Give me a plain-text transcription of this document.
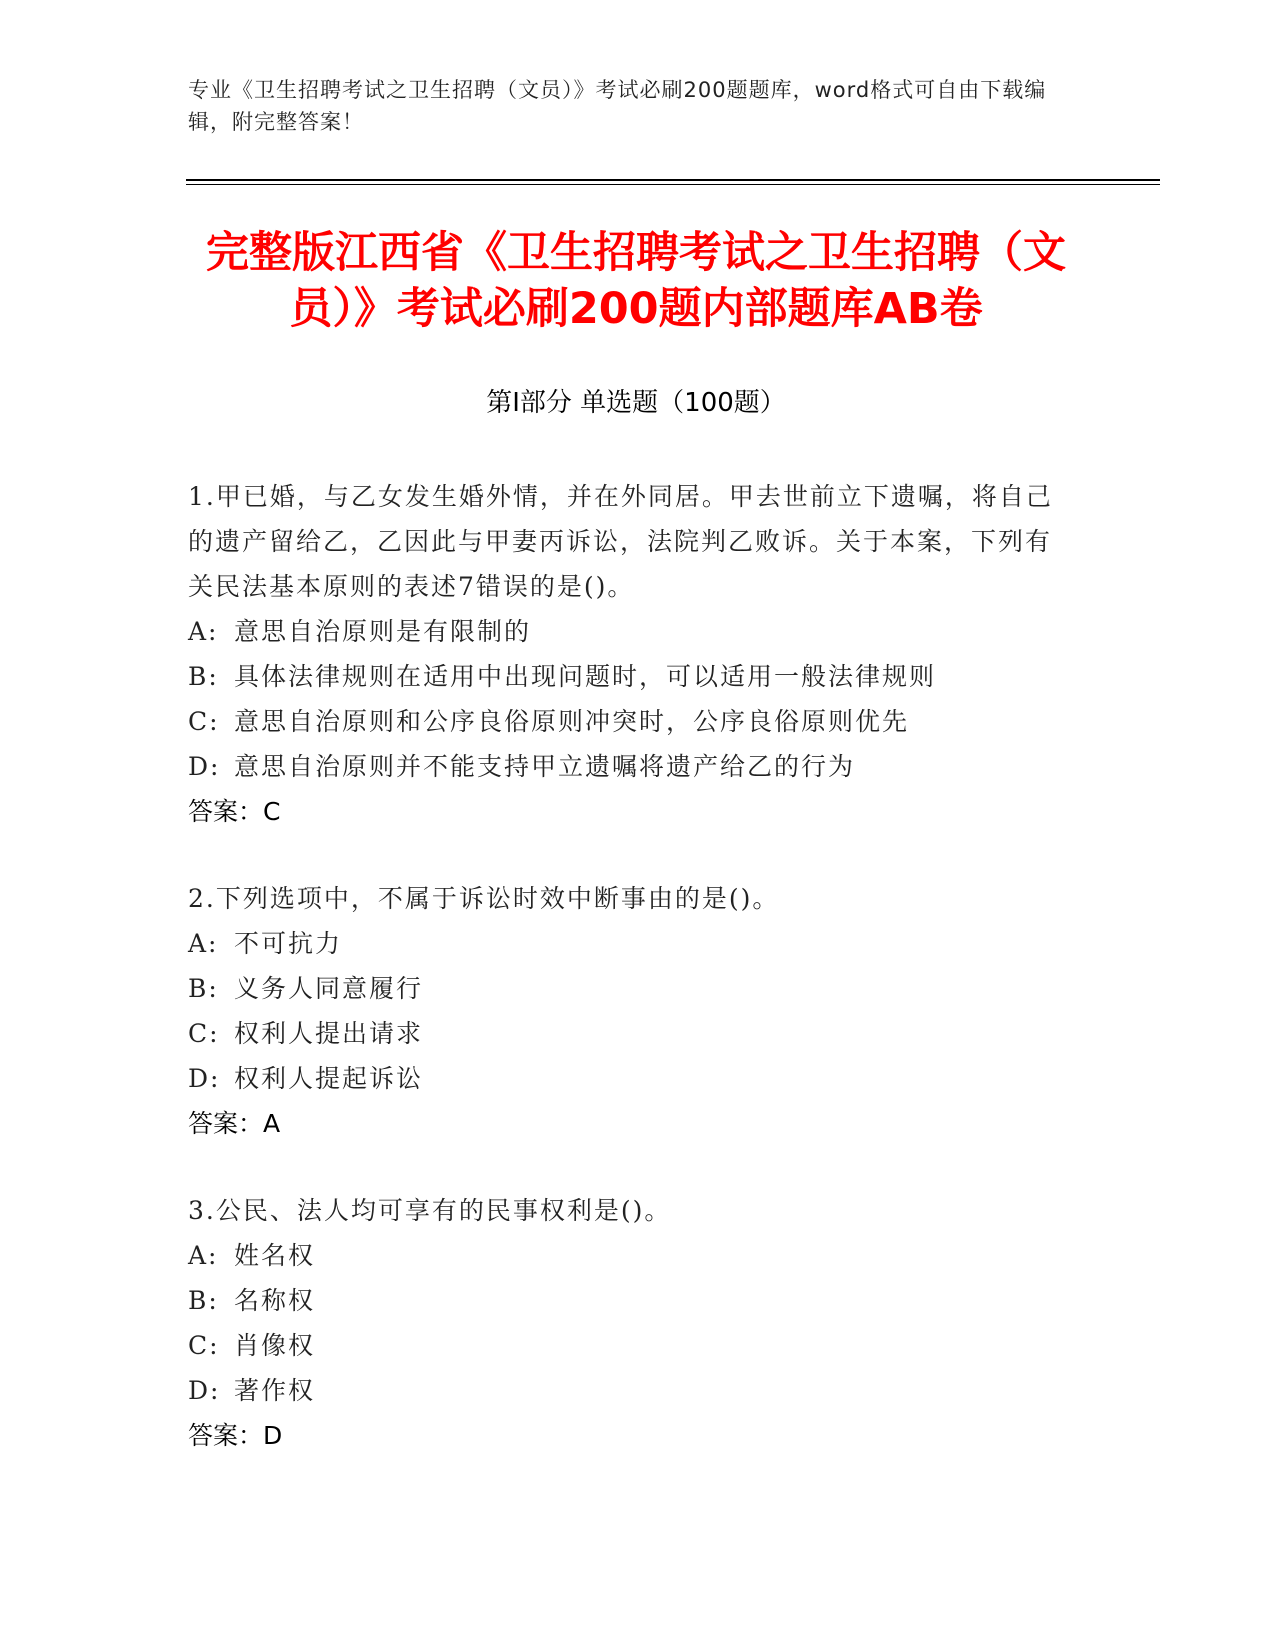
专业《卫生招聘考试之卫生招聘（文员）》考试必刷200题题库，word格式可自由下载编辑，附完整答案！
完整版江西省《卫生招聘考试之卫生招聘（文员）》考试必刷200题内部题库AB卷
第I部分 单选题（100题）
1.甲已婚，与乙女发生婚外情，并在外同居。甲去世前立下遗嘱，将自己的遗产留给乙，乙因此与甲妻丙诉讼，法院判乙败诉。关于本案，下列有关民法基本原则的表述7错误的是()。
A: 意思自治原则是有限制的
B: 具体法律规则在适用中出现问题时，可以适用一般法律规则
C: 意思自治原则和公序良俗原则冲突时，公序良俗原则优先
D: 意思自治原则并不能支持甲立遗嘱将遗产给乙的行为
答案：C
2.下列选项中，不属于诉讼时效中断事由的是()。
A: 不可抗力
B: 义务人同意履行
C: 权利人提出请求
D: 权利人提起诉讼
答案：A
3.公民、法人均可享有的民事权利是()。
A: 姓名权
B: 名称权
C: 肖像权
D: 著作权
答案：D
